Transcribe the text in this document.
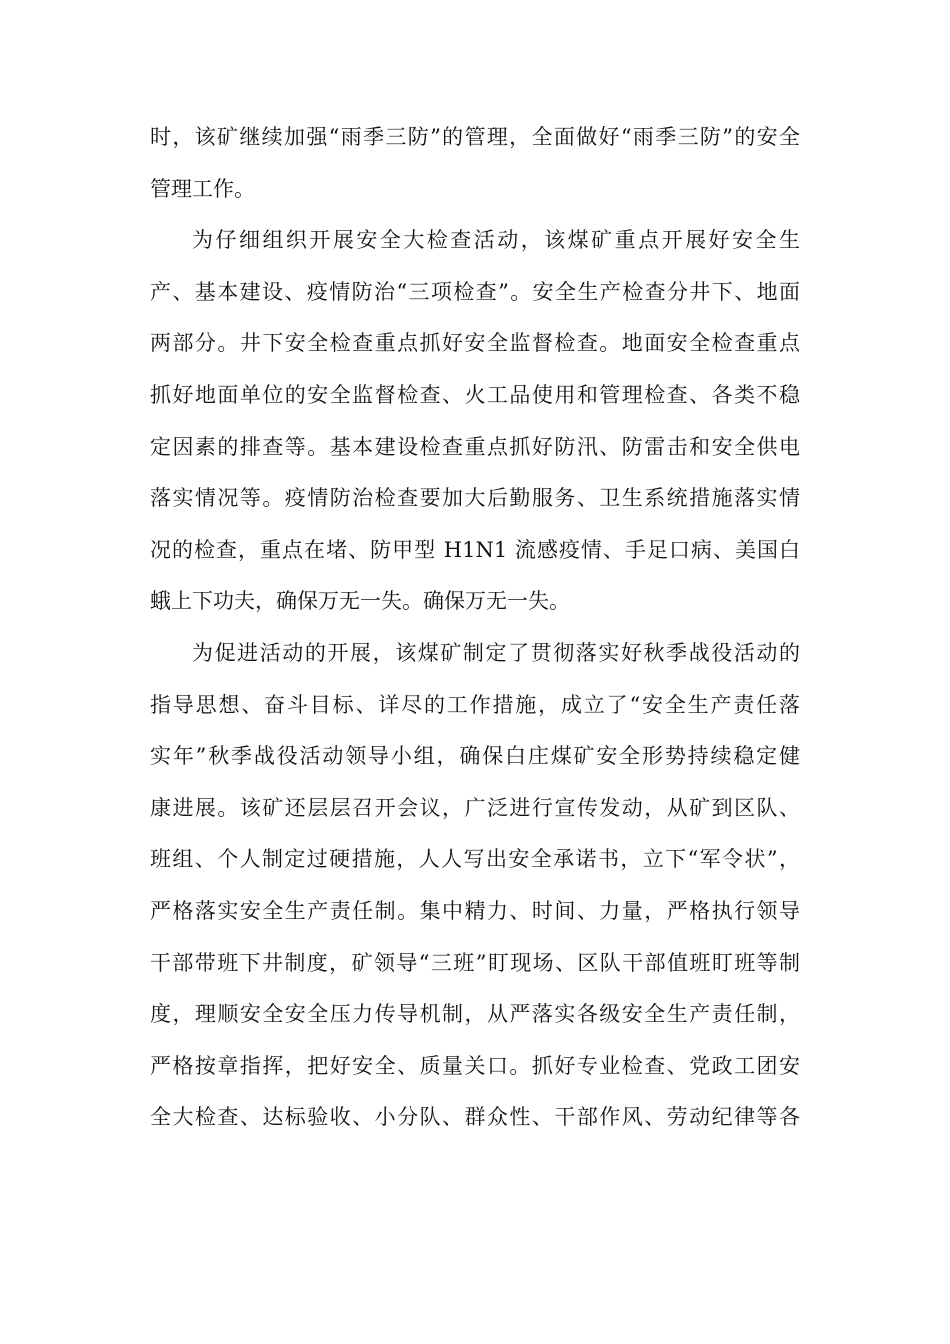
时，该矿继续加强“雨季三防”的管理，全面做好“雨季三防”的安全
管理工作。
为仔细组织开展安全大检查活动，该煤矿重点开展好安全生
产、基本建设、疫情防治“三项检查”。安全生产检查分井下、地面
两部分。井下安全检查重点抓好安全监督检查。地面安全检查重点
抓好地面单位的安全监督检查、火工品使用和管理检查、各类不稳
定因素的排查等。基本建设检查重点抓好防汛、防雷击和安全供电
落实情况等。疫情防治检查要加大后勤服务、卫生系统措施落实情
况的检查，重点在堵、防甲型 H1N1 流感疫情、手足口病、美国白
蛾上下功夫，确保万无一失。确保万无一失。
为促进活动的开展，该煤矿制定了贯彻落实好秋季战役活动的
指导思想、奋斗目标、详尽的工作措施，成立了“安全生产责任落
实年”秋季战役活动领导小组，确保白庄煤矿安全形势持续稳定健
康进展。该矿还层层召开会议，广泛进行宣传发动，从矿到区队、
班组、个人制定过硬措施，人人写出安全承诺书，立下“军令状”，
严格落实安全生产责任制。集中精力、时间、力量，严格执行领导
干部带班下井制度，矿领导“三班”盯现场、区队干部值班盯班等制
度，理顺安全安全压力传导机制，从严落实各级安全生产责任制，
严格按章指挥，把好安全、质量关口。抓好专业检查、党政工团安
全大检查、达标验收、小分队、群众性、干部作风、劳动纪律等各
